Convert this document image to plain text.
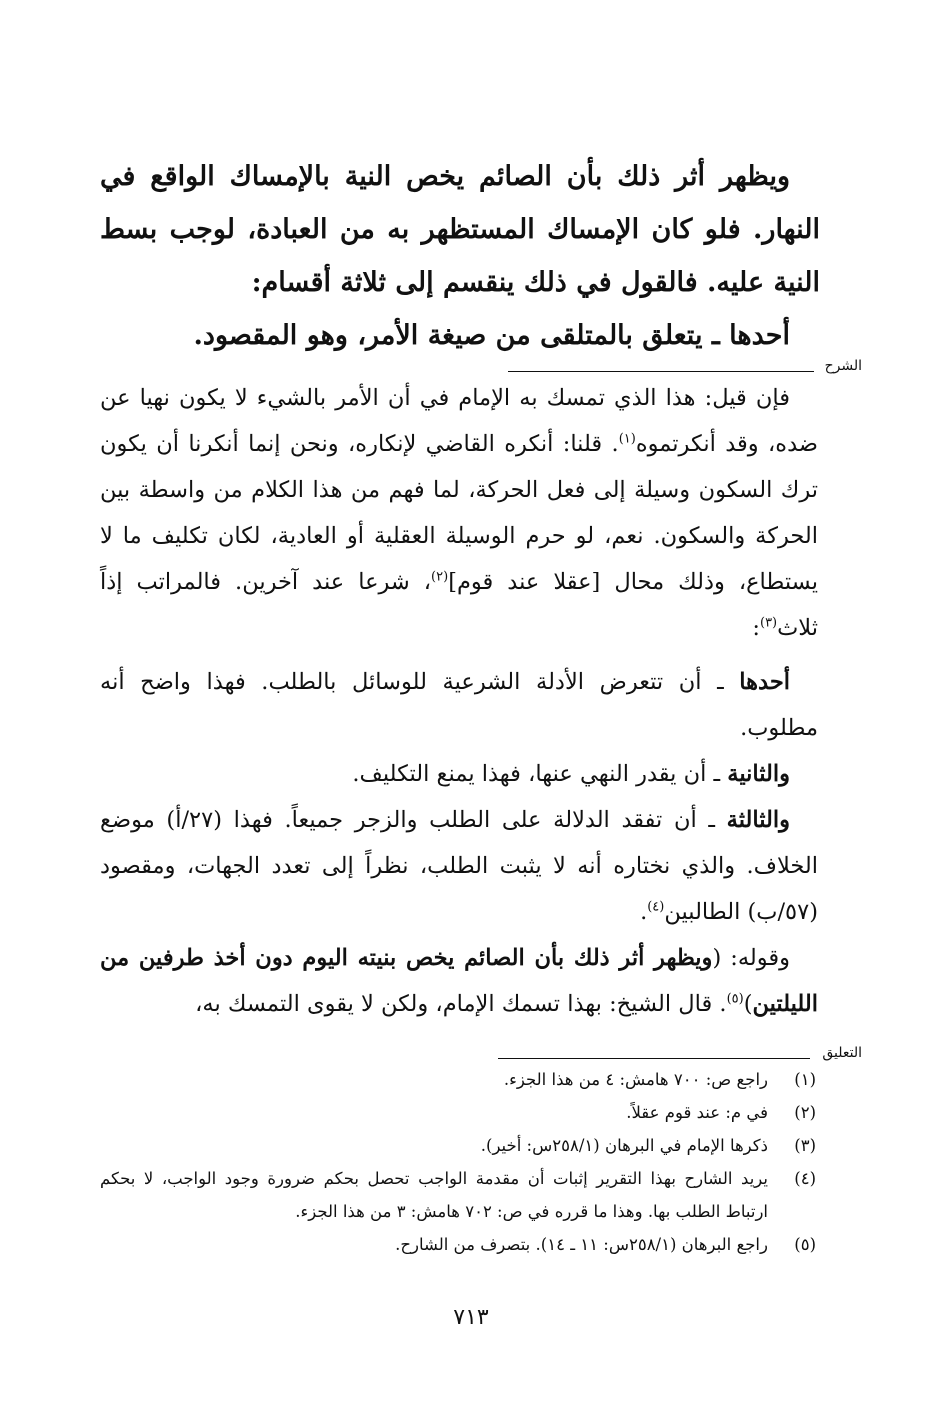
ويظهر أثر ذلك بأن الصائم يخص النية بالإمساك الواقع في النهار. فلو كان الإمساك المستظهر به من العبادة، لوجب بسط النية عليه. فالقول في ذلك ينقسم إلى ثلاثة أقسام:

أحدها ـ يتعلق بالمتلقى من صيغة الأمر، وهو المقصود.

الشرح

فإن قيل: هذا الذي تمسك به الإمام في أن الأمر بالشيء لا يكون نهيا عن ضده، وقد أنكرتموه$^{(١)}$. قلنا: أنكره القاضي لإنكاره، ونحن إنما أنكرنا أن يكون ترك السكون وسيلة إلى فعل الحركة، لما فهم من هذا الكلام من واسطة بين الحركة والسكون. نعم، لو حرم الوسيلة العقلية أو العادية، لكان تكليف ما لا يستطاع، وذلك محال [عقلا عند قوم]$^{(٢)}$، شرعا عند آخرين. فالمراتب إذاً ثلاث$^{(٣)}$:

أحدها ـ أن تتعرض الأدلة الشرعية للوسائل بالطلب. فهذا واضح أنه مطلوب.

والثانية ـ أن يقدر النهي عنها، فهذا يمنع التكليف.

والثالثة ـ أن تفقد الدلالة على الطلب والزجر جميعاً. فهذا (٢٧/أ) موضع الخلاف. والذي نختاره أنه لا يثبت الطلب، نظراً إلى تعدد الجهات، ومقصود (٥٧/ب) الطالبين$^{(٤)}$.

وقوله: (ويظهر أثر ذلك بأن الصائم يخص بنيته اليوم دون أخذ طرفين من الليلتين)$^{(٥)}$. قال الشيخ: بهذا تسمك الإمام، ولكن لا يقوى التمسك به،

التعليق
(١)
راجع ص: ٧٠٠ هامش: ٤ من هذا الجزء.
(٢)
في م: عند قوم عقلاً.
(٣)
ذكرها الإمام في البرهان (٢٥٨/١س: أخير).
(٤)
يريد الشارح بهذا التقرير إثبات أن مقدمة الواجب تحصل بحكم ضرورة وجود الواجب، لا بحكم ارتباط الطلب بها. وهذا ما قرره في ص: ٧٠٢ هامش: ٣ من هذا الجزء.
(٥)
راجع البرهان (٢٥٨/١س: ١١ ـ ١٤). بتصرف من الشارح.
٧١٣
